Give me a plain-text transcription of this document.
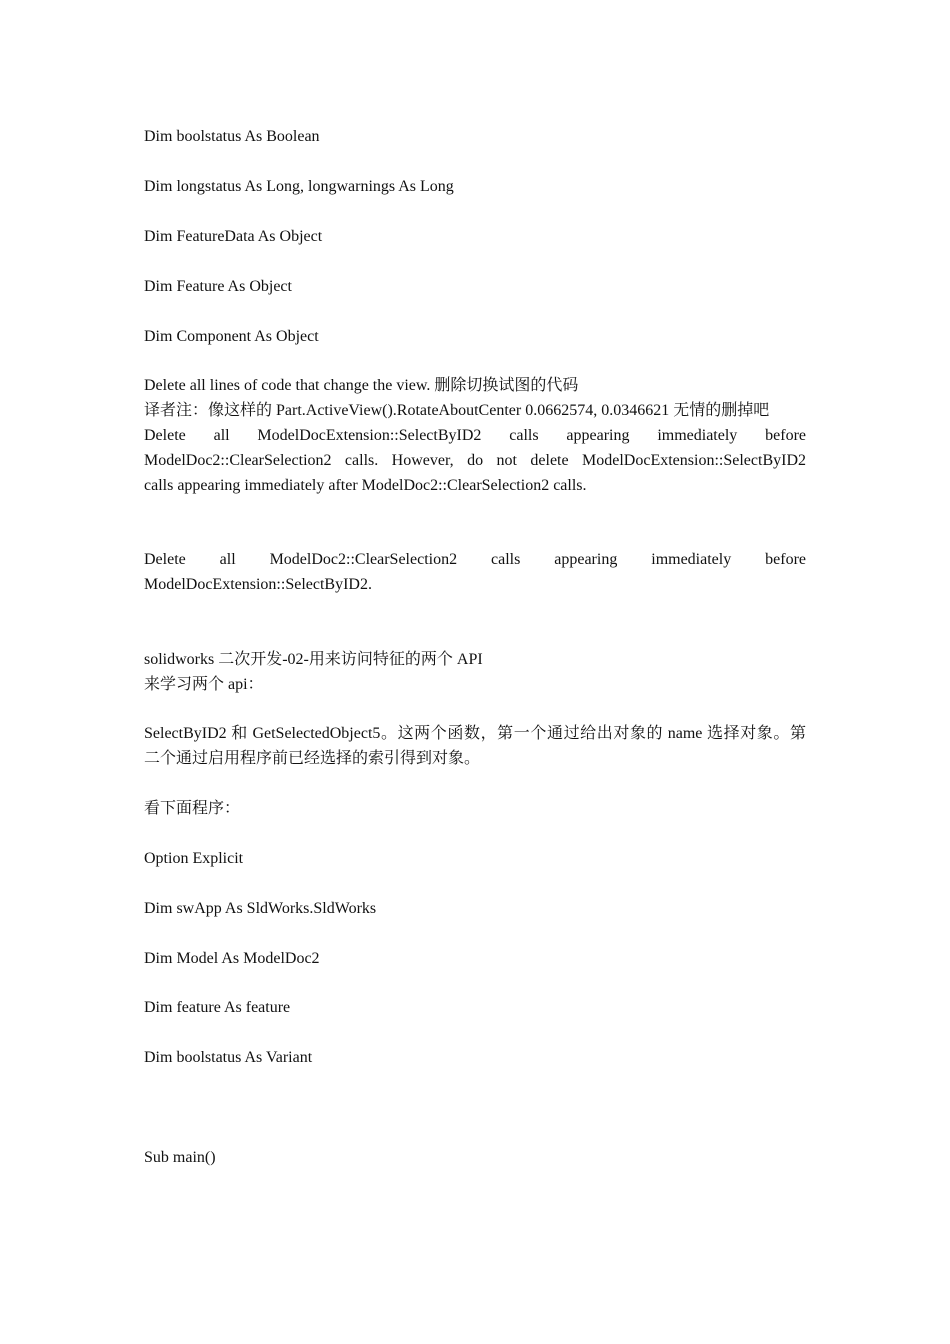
Dim boolstatus As Boolean
Dim longstatus As Long, longwarnings As Long
Dim FeatureData As Object
Dim Feature As Object
Dim Component As Object
Delete all lines of code that change the view. 删除切换试图的代码
译者注：像这样的 Part.ActiveView().RotateAboutCenter 0.0662574, 0.0346621 无情的删掉吧
Delete all ModelDocExtension::SelectByID2 calls appearing immediately before
ModelDoc2::ClearSelection2 calls. However, do not delete ModelDocExtension::SelectByID2
calls appearing immediately after ModelDoc2::ClearSelection2 calls.
Delete all ModelDoc2::ClearSelection2 calls appearing immediately before
ModelDocExtension::SelectByID2.
solidworks 二次开发-02-用来访问特征的两个 API
来学习两个 api：
SelectByID2 和 GetSelectedObject5。这两个函数，第一个通过给出对象的 name 选择对象。第
二个通过启用程序前已经选择的索引得到对象。
看下面程序：
Option Explicit
Dim swApp As SldWorks.SldWorks
Dim Model As ModelDoc2
Dim feature As feature
Dim boolstatus As Variant
Sub main()
